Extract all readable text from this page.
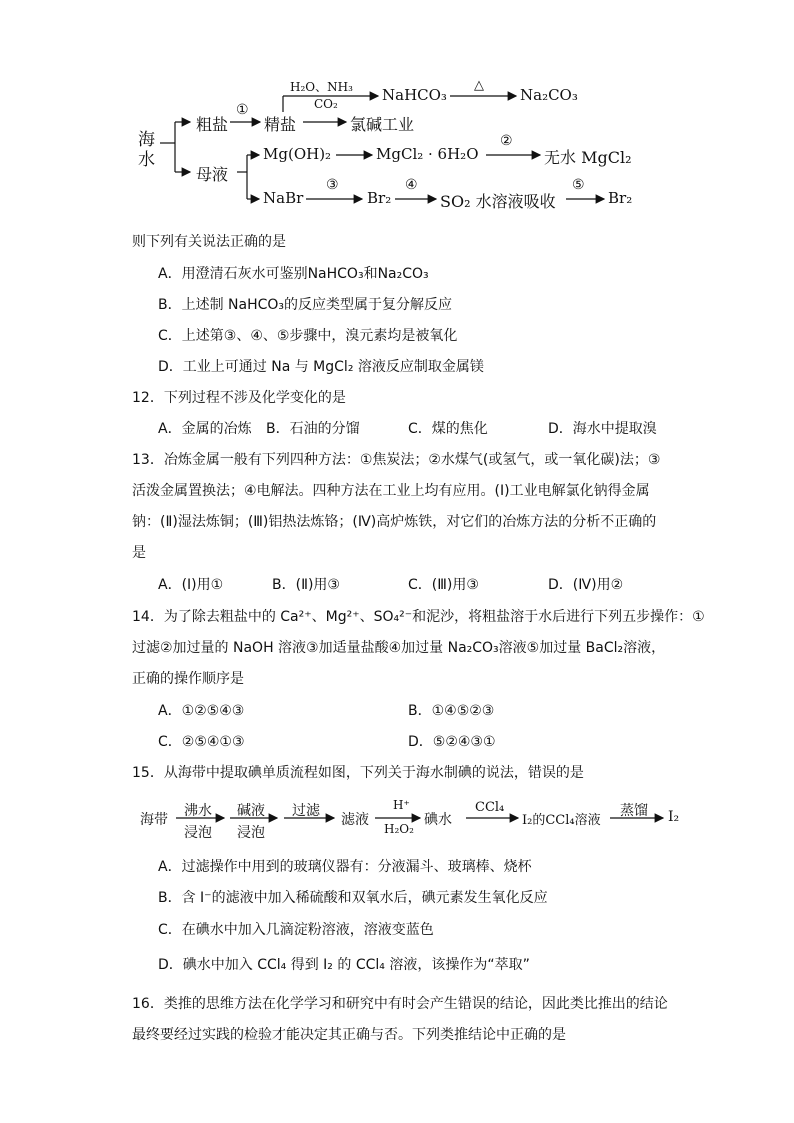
海水
粗盐
①
精盐
H₂O、NH₃
CO₂	NaHCO₃
△
Na₂CO₃
氯碱工业
母液
Mg(OH)₂	MgCl₂ · 6H₂O
②
无水 MgCl₂
NaBr
③
Br₂
④
SO₂ 水溶液吸收
⑤
Br₂
则下列有关说法正确的是
A．用澄清石灰水可鉴别NaHCO₃和Na₂CO₃
B．上述制 NaHCO₃的反应类型属于复分解反应
C．上述第③、④、⑤步骤中，溴元素均是被氧化
D．工业上可通过 Na 与 MgCl₂ 溶液反应制取金属镁
12．下列过程不涉及化学变化的是
A．金属的冶炼 B．石油的分馏	C．煤的焦化	D．海水中提取溴
13．冶炼金属一般有下列四种方法：①焦炭法；②水煤气(或氢气，或一氧化碳)法；③
活泼金属置换法；④电解法。四种方法在工业上均有应用。(Ⅰ)工业电解氯化钠得金属
钠：(Ⅱ)湿法炼铜；(Ⅲ)铝热法炼铬；(Ⅳ)高炉炼铁，对它们的冶炼方法的分析不正确的
是
A．(Ⅰ)用①	B．(Ⅱ)用③	C．(Ⅲ)用③	D．(Ⅳ)用②
14．为了除去粗盐中的 Ca²⁺、Mg²⁺、SO₄²⁻和泥沙，将粗盐溶于水后进行下列五步操作：①
过滤②加过量的 NaOH 溶液③加适量盐酸④加过量 Na₂CO₃溶液⑤加过量 BaCl₂溶液，
正确的操作顺序是
A．①②⑤④③	B．①④⑤②③
C．②⑤④①③	D．⑤②④③①
15．从海带中提取碘单质流程如图，下列关于海水制碘的说法，错误的是
海带
沸水
浸泡
碱液
浸泡
过滤
滤液
H⁺
H₂O₂
碘水
CCl₄
I₂的CCl₄溶液
蒸馏 I₂
A．过滤操作中用到的玻璃仪器有：分液漏斗、玻璃棒、烧杯
B．含 I⁻的滤液中加入稀硫酸和双氧水后，碘元素发生氧化反应
C．在碘水中加入几滴淀粉溶液，溶液变蓝色
D．碘水中加入 CCl₄ 得到 I₂ 的 CCl₄ 溶液，该操作为“萃取”
16．类推的思维方法在化学学习和研究中有时会产生错误的结论，因此类比推出的结论
最终要经过实践的检验才能决定其正确与否。下列类推结论中正确的是
